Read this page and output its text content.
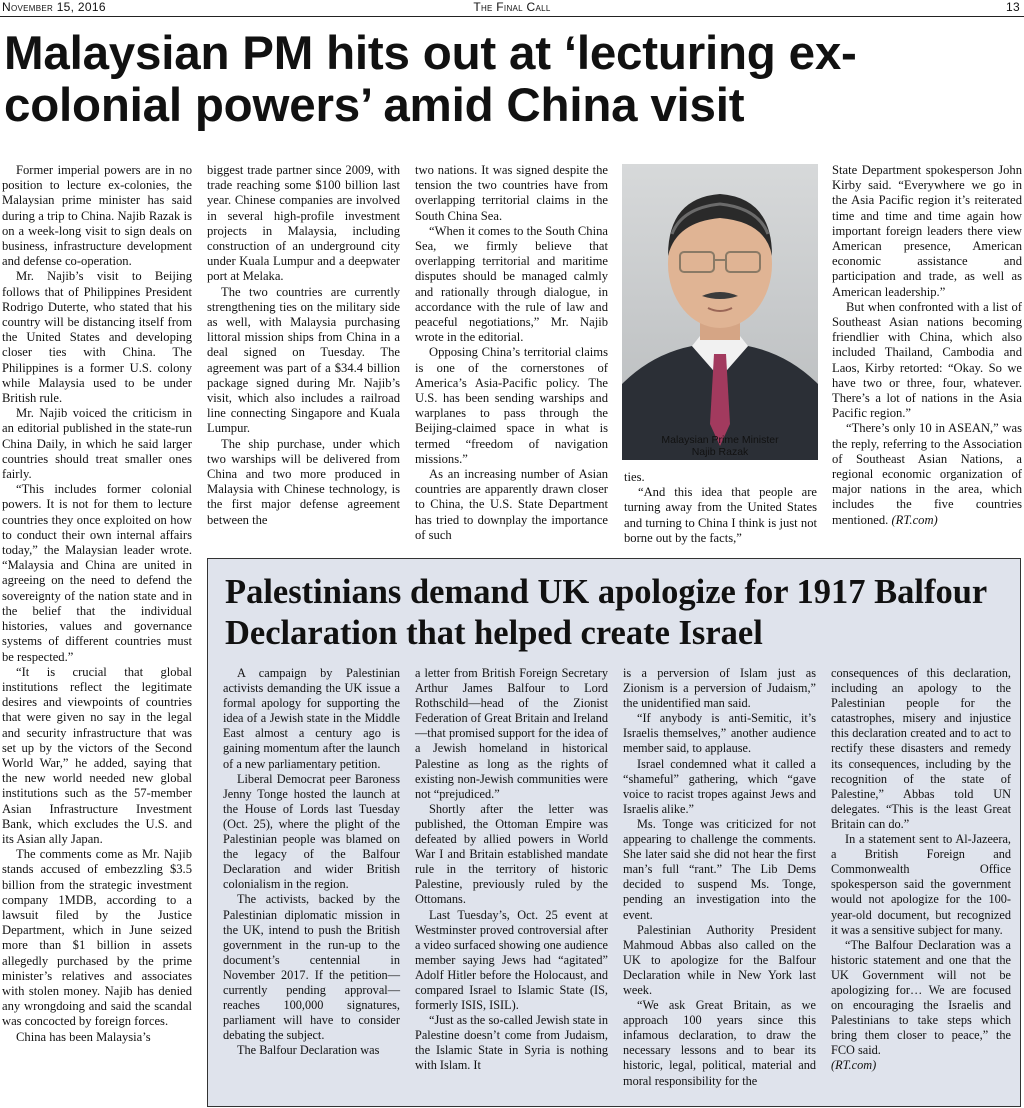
November 15, 2016	The Final Call	13
Malaysian PM hits out at ‘lecturing ex-colonial powers’ amid China visit

Former imperial powers are in no position to lecture ex-colonies, the Malaysian prime minister has said during a trip to China. Najib Razak is on a week-long visit to sign deals on business, infrastructure development and defense co-operation.

Mr. Najib’s visit to Beijing follows that of Philippines President Rodrigo Duterte, who stated that his country will be distancing itself from the United States and developing closer ties with China. The Philippines is a former U.S. colony while Malaysia used to be under British rule.

Mr. Najib voiced the criticism in an editorial published in the state-run China Daily, in which he said larger countries should treat smaller ones fairly.

“This includes former colonial powers. It is not for them to lecture countries they once exploited on how to conduct their own internal affairs today,” the Malaysian leader wrote. “Malaysia and China are united in agreeing on the need to defend the sovereignty of the nation state and in the belief that the individual histories, values and governance systems of different countries must be respected.”

“It is crucial that global institutions reflect the legitimate desires and viewpoints of countries that were given no say in the legal and security infrastructure that was set up by the victors of the Second World War,” he added, saying that the new world needed new global institutions such as the 57-member Asian Infrastructure Investment Bank, which excludes the U.S. and its Asian ally Japan.

The comments come as Mr. Najib stands accused of embezzling $3.5 billion from the strategic investment company 1MDB, according to a lawsuit filed by the Justice Department, which in June seized more than $1 billion in assets allegedly purchased by the prime minister’s relatives and associates with stolen money. Najib has denied any wrongdoing and said the scandal was concocted by foreign forces.

China has been Malaysia’s

biggest trade partner since 2009, with trade reaching some $100 billion last year. Chinese companies are involved in several high-profile investment projects in Malaysia, including construction of an underground city under Kuala Lumpur and a deepwater port at Melaka.

The two countries are currently strengthening ties on the military side as well, with Malaysia purchasing littoral mission ships from China in a deal signed on Tuesday. The agreement was part of a $34.4 billion package signed during Mr. Najib’s visit, which also includes a railroad line connecting Singapore and Kuala Lumpur.

The ship purchase, under which two warships will be delivered from China and two more produced in Malaysia with Chinese technology, is the first major defense agreement between the

two nations. It was signed despite the tension the two countries have from overlapping territorial claims in the South China Sea.

“When it comes to the South China Sea, we firmly believe that overlapping territorial and maritime disputes should be managed calmly and rationally through dialogue, in accordance with the rule of law and peaceful negotiations,” Mr. Najib wrote in the editorial.

Opposing China’s territorial claims is one of the cornerstones of America’s Asia-Pacific policy. The U.S. has been sending warships and warplanes to pass through the Beijing-claimed space in what is termed “freedom of navigation missions.”

As an increasing number of Asian countries are apparently drawn closer to China, the U.S. State Department has tried to downplay the importance of such

Malaysian Prime Minister
Najib Razak

ties.

“And this idea that people are turning away from the United States and turning to China I think is just not borne out by the facts,”

State Department spokesperson John Kirby said. “Everywhere we go in the Asia Pacific region it’s reiterated time and time and time again how important foreign leaders there view American presence, American economic assistance and participation and trade, as well as American leadership.”

But when confronted with a list of Southeast Asian nations becoming friendlier with China, which also included Thailand, Cambodia and Laos, Kirby retorted: “Okay. So we have two or three, four, whatever. There’s a lot of nations in the Asia Pacific region.”

“There’s only 10 in ASEAN,” was the reply, referring to the Association of Southeast Asian Nations, a regional economic organization of major nations in the area, which includes the five countries mentioned. (RT.com)

Palestinians demand UK apologize for 1917 Balfour Declaration that helped create Israel

A campaign by Palestinian activists demanding the UK issue a formal apology for supporting the idea of a Jewish state in the Middle East almost a century ago is gaining momentum after the launch of a new parliamentary petition.

Liberal Democrat peer Baroness Jenny Tonge hosted the launch at the House of Lords last Tuesday (Oct. 25), where the plight of the Palestinian people was blamed on the legacy of the Balfour Declaration and wider British colonialism in the region.

The activists, backed by the Palestinian diplomatic mission in the UK, intend to push the British government in the run-up to the document’s centennial in November 2017. If the petition—currently pending approval—reaches 100,000 signatures, parliament will have to consider debating the subject.

The Balfour Declaration was

a letter from British Foreign Secretary Arthur James Balfour to Lord Rothschild—head of the Zionist Federation of Great Britain and Ireland—that promised support for the idea of a Jewish homeland in historical Palestine as long as the rights of existing non-Jewish communities were not “prejudiced.”

Shortly after the letter was published, the Ottoman Empire was defeated by allied powers in World War I and Britain established mandate rule in the territory of historic Palestine, previously ruled by the Ottomans.

Last Tuesday’s, Oct. 25 event at Westminster proved controversial after a video surfaced showing one audience member saying Jews had “agitated” Adolf Hitler before the Holocaust, and compared Israel to Islamic State (IS, formerly ISIS, ISIL).

“Just as the so-called Jewish state in Palestine doesn’t come from Judaism, the Islamic State in Syria is nothing with Islam. It

is a perversion of Islam just as Zionism is a perversion of Judaism,” the unidentified man said.

“If anybody is anti-Semitic, it’s Israelis themselves,” another audience member said, to applause.

Israel condemned what it called a “shameful” gathering, which “gave voice to racist tropes against Jews and Israelis alike.”

Ms. Tonge was criticized for not appearing to challenge the comments. She later said she did not hear the first man’s full “rant.” The Lib Dems decided to suspend Ms. Tonge, pending an investigation into the event.

Palestinian Authority President Mahmoud Abbas also called on the UK to apologize for the Balfour Declaration while in New York last week.

“We ask Great Britain, as we approach 100 years since this infamous declaration, to draw the necessary lessons and to bear its historic, legal, political, material and moral responsibility for the

consequences of this declaration, including an apology to the Palestinian people for the catastrophes, misery and injustice this declaration created and to act to rectify these disasters and remedy its consequences, including by the recognition of the state of Palestine,” Abbas told UN delegates. “This is the least Great Britain can do.”

In a statement sent to Al-Jazeera, a British Foreign and Commonwealth Office spokesperson said the government would not apologize for the 100-year-old document, but recognized it was a sensitive subject for many.

“The Balfour Declaration was a historic statement and one that the UK Government will not be apologizing for… We are focused on encouraging the Israelis and Palestinians to take steps which bring them closer to peace,” the FCO said.

(RT.com)
